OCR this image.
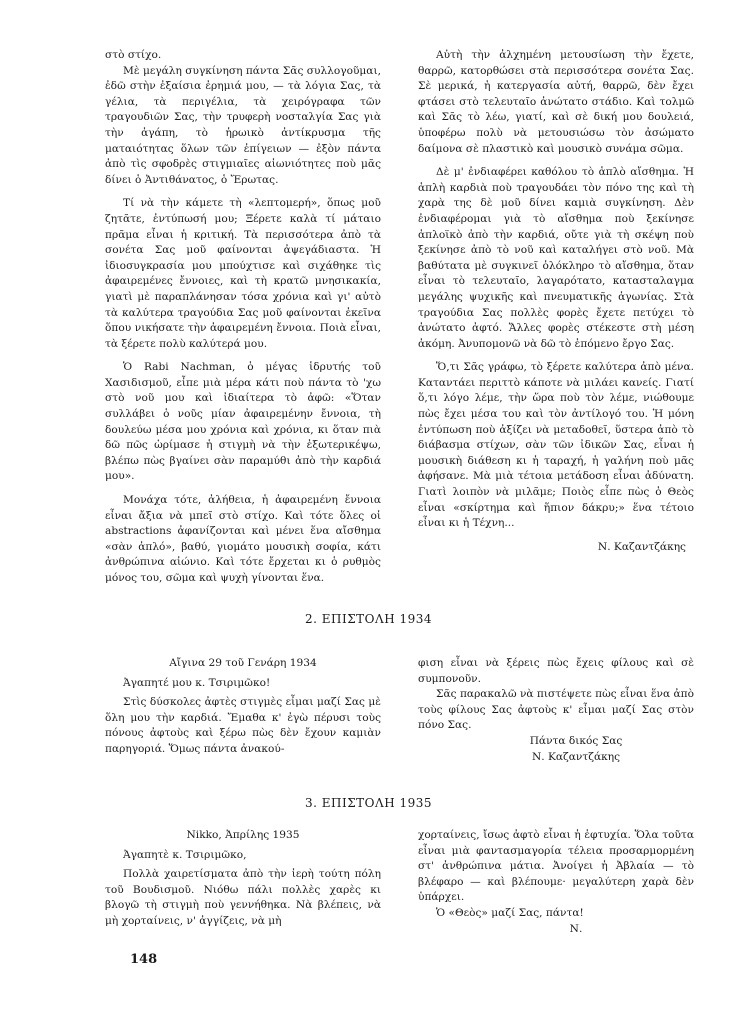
στὸ στίχο.

Μὲ μεγάλη συγκίνηση πάντα Σᾶς συλλογοῦμαι, ἐδῶ στὴν ἐξαίσια ἐρημιά μου, — τὰ λόγια Σας, τὰ γέλια, τὰ περιγέλια, τὰ χειρόγραφα τῶν τραγουδιῶν Σας, τὴν τρυφερὴ νοσταλγία Σας γιὰ τὴν ἀγάπη, τὸ ἡρωικὸ ἀντίκρυσμα τῆς ματαιότητας ὅλων τῶν ἐπίγειων — ἐξὸν πάντα ἀπὸ τὶς σφοδρὲς στιγμιαῖες αἰωνιότητες ποὺ μᾶς δίνει ὁ Ἀντιθάνατος, ὁ Ἔρωτας.

Τί νὰ τὴν κάμετε τὴ «λεπτομερή», ὅπως μοῦ ζητᾶτε, ἐντύπωσή μου; Ξέρετε καλὰ τί μάταιο πρᾶμα εἶναι ἡ κριτική. Τὰ περισσότερα ἀπὸ τὰ σονέτα Σας μοῦ φαίνονται ἀψεγάδιαστα. Ἡ ἰδιοσυγκρασία μου μπούχτισε καὶ σιχάθηκε τὶς ἀφαιρεμένες ἔννοιες, καὶ τὴ κρατῶ μνησικακία, γιατὶ μὲ παραπλάνησαν τόσα χρόνια καὶ γι' αὐτὸ τὰ καλύτερα τραγούδια Σας μοῦ φαίνονται ἐκεῖνα ὅπου νικήσατε τὴν ἀφαιρεμένη ἔννοια. Ποιὰ εἶναι, τὰ ξέρετε πολὺ καλύτερά μου.

Ὁ Rabi Nachman, ὁ μέγας ἱδρυτής τοῦ Χασιδισμοῦ, εἶπε μιὰ μέρα κάτι ποὺ πάντα τὸ 'χω στὸ νοῦ μου καὶ ἰδιαίτερα τὸ ἀφῶ: «Ὅταν συλλάβει ὁ νοῦς μίαν ἀφαιρεμένην ἔννοια, τὴ δουλεύω μέσα μου χρόνια καὶ χρόνια, κι ὅταν πιὰ δῶ πῶς ὡρίμασε ἡ στιγμὴ νὰ τὴν ἐξωτερικέψω, βλέπω πὼς βγαίνει σὰν παραμύθι ἀπὸ τὴν καρδιά μου».

Μονάχα τότε, ἀλήθεια, ἡ ἀφαιρεμένη ἔννοια εἶναι ἄξια νὰ μπεῖ στὸ στίχο. Καὶ τότε ὅλες οἱ abstractions ἀφανίζονται καὶ μένει ἕνα αἴσθημα «σὰν ἁπλό», βαθύ, γιομάτο μουσικὴ σοφία, κάτι ἀνθρώπινα αἰώνιο. Καὶ τότε ἔρχεται κι ὁ ρυθμὸς μόνος του, σῶμα καὶ ψυχὴ γίνονται ἕνα.

Αὐτὴ τὴν ἀλχημένη μετουσίωση τὴν ἔχετε, θαρρῶ, κατορθώσει στὰ περισσότερα σονέτα Σας. Σὲ μερικά, ἡ κατεργασία αὐτή, θαρρῶ, δὲν ἔχει φτάσει στὸ τελευταῖο ἀνώτατο στάδιο. Καὶ τολμῶ καὶ Σᾶς τὸ λέω, γιατί, καὶ σὲ δική μου δουλειά, ὑποφέρω πολὺ νὰ μετουσιώσω τὸν ἀσώματο δαίμονα σὲ πλαστικὸ καὶ μουσικὸ συνάμα σῶμα.

Δὲ μ' ἐνδιαφέρει καθόλου τὸ ἁπλὸ αἴσθημα. Ἡ ἁπλὴ καρδιὰ ποὺ τραγουδάει τὸν πόνο της καὶ τὴ χαρὰ της δὲ μοῦ δίνει καμιὰ συγκίνηση. Δὲν ἐνδιαφέρομαι γιὰ τὸ αἴσθημα ποὺ ξεκίνησε ἁπλοϊκὸ ἀπὸ τὴν καρδιά, οὔτε γιὰ τὴ σκέψη ποὺ ξεκίνησε ἀπὸ τὸ νοῦ καὶ καταλήγει στὸ νοῦ. Μὰ βαθύτατα μὲ συγκινεῖ ὁλόκληρο τὸ αἴσθημα, ὅταν εἶναι τὸ τελευταῖο, λαγαρότατο, κατασταλαγμα μεγάλης ψυχικῆς καὶ πνευματικῆς ἀγωνίας. Στὰ τραγούδια Σας πολλὲς φορὲς ἔχετε πετύχει τὸ ἀνώτατο ἀφτό. Ἄλλες φορὲς στέκεστε στὴ μέση ἀκόμη. Ἀνυπομονῶ νὰ δῶ τὸ ἑπόμενο ἔργο Σας.

Ὅ,τι Σᾶς γράφω, τὸ ξέρετε καλύτερα ἀπὸ μένα. Καταντάει περιττὸ κάποτε νὰ μιλάει κανείς. Γιατί ὅ,τι λόγο λέμε, τὴν ὥρα ποὺ τὸν λέμε, νιώθουμε πὼς ἔχει μέσα του καὶ τὸν ἀντίλογό του. Ἡ μόνη ἐντύπωση ποὺ ἀξίζει νὰ μεταδοθεῖ, ὕστερα ἀπὸ τὸ διάβασμα στίχων, σὰν τῶν ἰδικῶν Σας, εἶναι ἡ μουσικὴ διάθεση κι ἡ ταραχή, ἡ γαλήνη ποὺ μᾶς ἀφήσανε. Μὰ μιὰ τέτοια μετάδοση εἶναι ἀδύνατη. Γιατὶ λοιπὸν νὰ μιλᾶμε; Ποιὸς εἶπε πὼς ὁ Θεὸς εἶναι «σκίρτημα καὶ ἥπιον δάκρυ;» ἕνα τέτοιο εἶναι κι ἡ Τέχνη...

Ν. Καζαντζάκης

2. ΕΠΙΣΤΟΛΗ 1934

Αἴγινα 29 τοῦ Γενάρη 1934

Ἀγαπητέ μου κ. Τσιριμῶκο!

Στὶς δύσκολες ἀφτὲς στιγμὲς εἶμαι μαζί Σας μὲ ὅλη μου τὴν καρδιά. Ἔμαθα κ' ἐγὼ πέρυσι τοὺς πόνους ἀφτοὺς καὶ ξέρω πὼς δὲν ἔχουν καμιὰν παρηγοριά. Ὅμως πάντα ἀνακού-

φιση εἶναι νὰ ξέρεις πὼς ἔχεις φίλους καὶ σὲ συμπονοῦν.

Σᾶς παρακαλῶ νὰ πιστέψετε πὼς εἶναι ἕνα ἀπὸ τοὺς φίλους Σας ἀφτοὺς κ' εἶμαι μαζί Σας στὸν πόνο Σας.

Πάντα δικός Σας

Ν. Καζαντζάκης

3. ΕΠΙΣΤΟΛΗ 1935

Nikko, Ἀπρίλης 1935

Ἀγαπητὲ κ. Τσιριμῶκο,

Πολλὰ χαιρετίσματα ἀπὸ τὴν ἱερὴ τούτη πόλη τοῦ Βουδισμοῦ. Νιόθω πάλι πολλὲς χαρὲς κι βλογῶ τὴ στιγμὴ ποὺ γεννήθηκα. Νὰ βλέπεις, νὰ μὴ χορταίνεις, ν' ἀγγίζεις, νὰ μὴ

χορταίνεις, ἴσως ἀφτὸ εἶναι ἡ ἐφτυχία. Ὅλα τοῦτα εἶναι μιὰ φαντασμαγορία τέλεια προσαρμορμένη στ' ἀνθρώπινα μάτια. Ἀνοίγει ἡ Ἀβλαία — τὸ βλέφαρο — καὶ βλέπουμε· μεγαλύτερη χαρὰ δὲν ὑπάρχει.

Ὁ «Θεὸς» μαζί Σας, πάντα!

Ν.

148
